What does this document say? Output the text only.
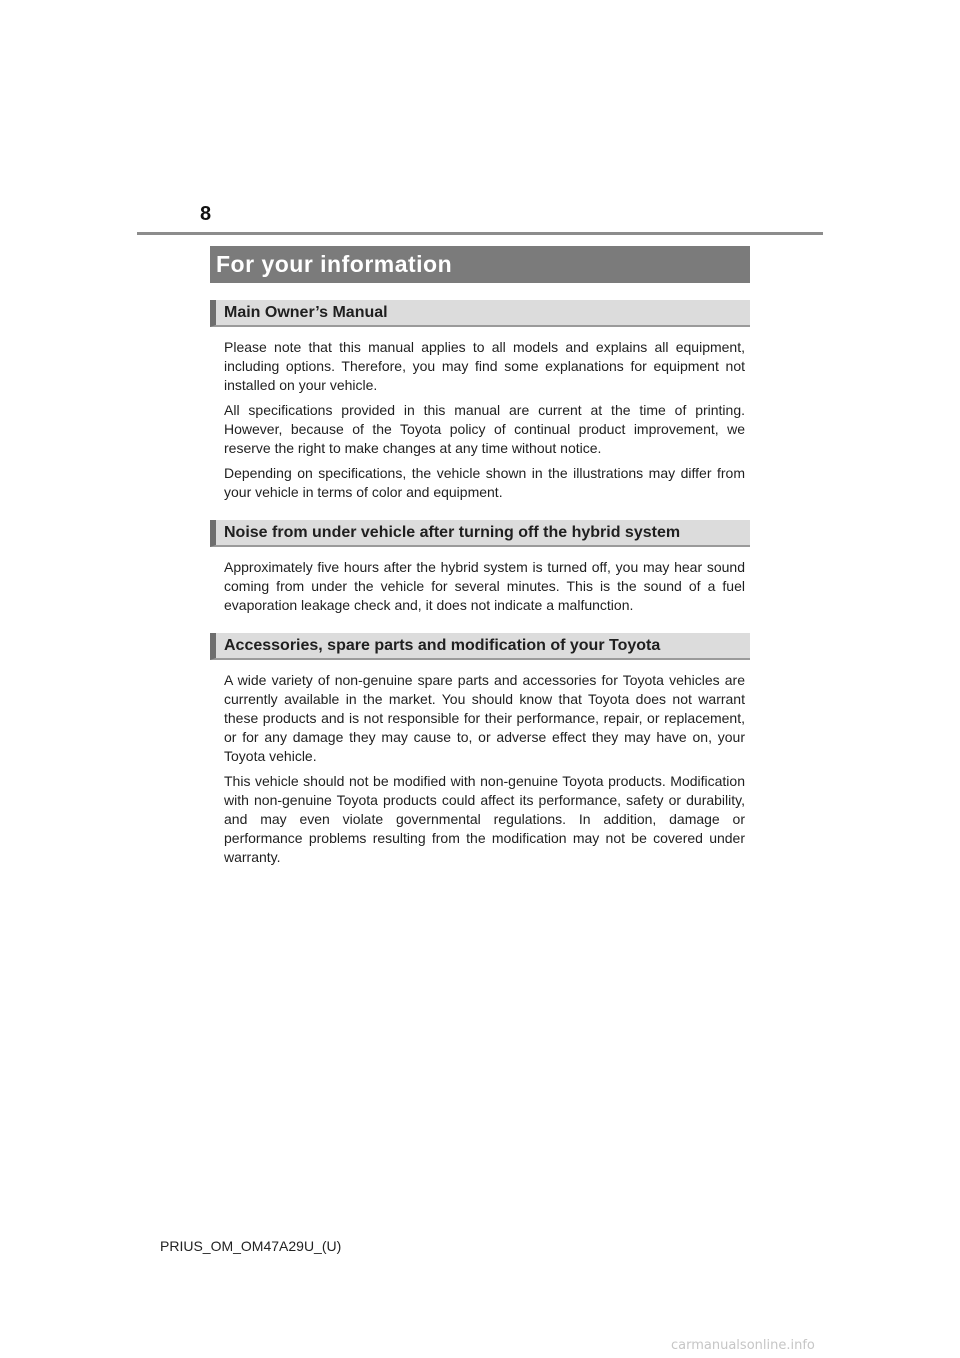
8
For your information
Main Owner’s Manual

Please note that this manual applies to all models and explains all equipment, including options. Therefore, you may find some explanations for equipment not installed on your vehicle.

All specifications provided in this manual are current at the time of printing. However, because of the Toyota policy of continual product improvement, we reserve the right to make changes at any time without notice.

Depending on specifications, the vehicle shown in the illustrations may differ from your vehicle in terms of color and equipment.

Noise from under vehicle after turning off the hybrid system

Approximately five hours after the hybrid system is turned off, you may hear sound coming from under the vehicle for several minutes. This is the sound of a fuel evaporation leakage check and, it does not indicate a malfunction.

Accessories, spare parts and modification of your Toyota

A wide variety of non-genuine spare parts and accessories for Toyota vehicles are currently available in the market. You should know that Toyota does not warrant these products and is not responsible for their performance, repair, or replacement, or for any damage they may cause to, or adverse effect they may have on, your Toyota vehicle.

This vehicle should not be modified with non-genuine Toyota products. Modification with non-genuine Toyota products could affect its performance, safety or durability, and may even violate governmental regulations. In addition, damage or performance problems resulting from the modification may not be covered under warranty.

PRIUS_OM_OM47A29U_(U)
carmanualsonline.info
